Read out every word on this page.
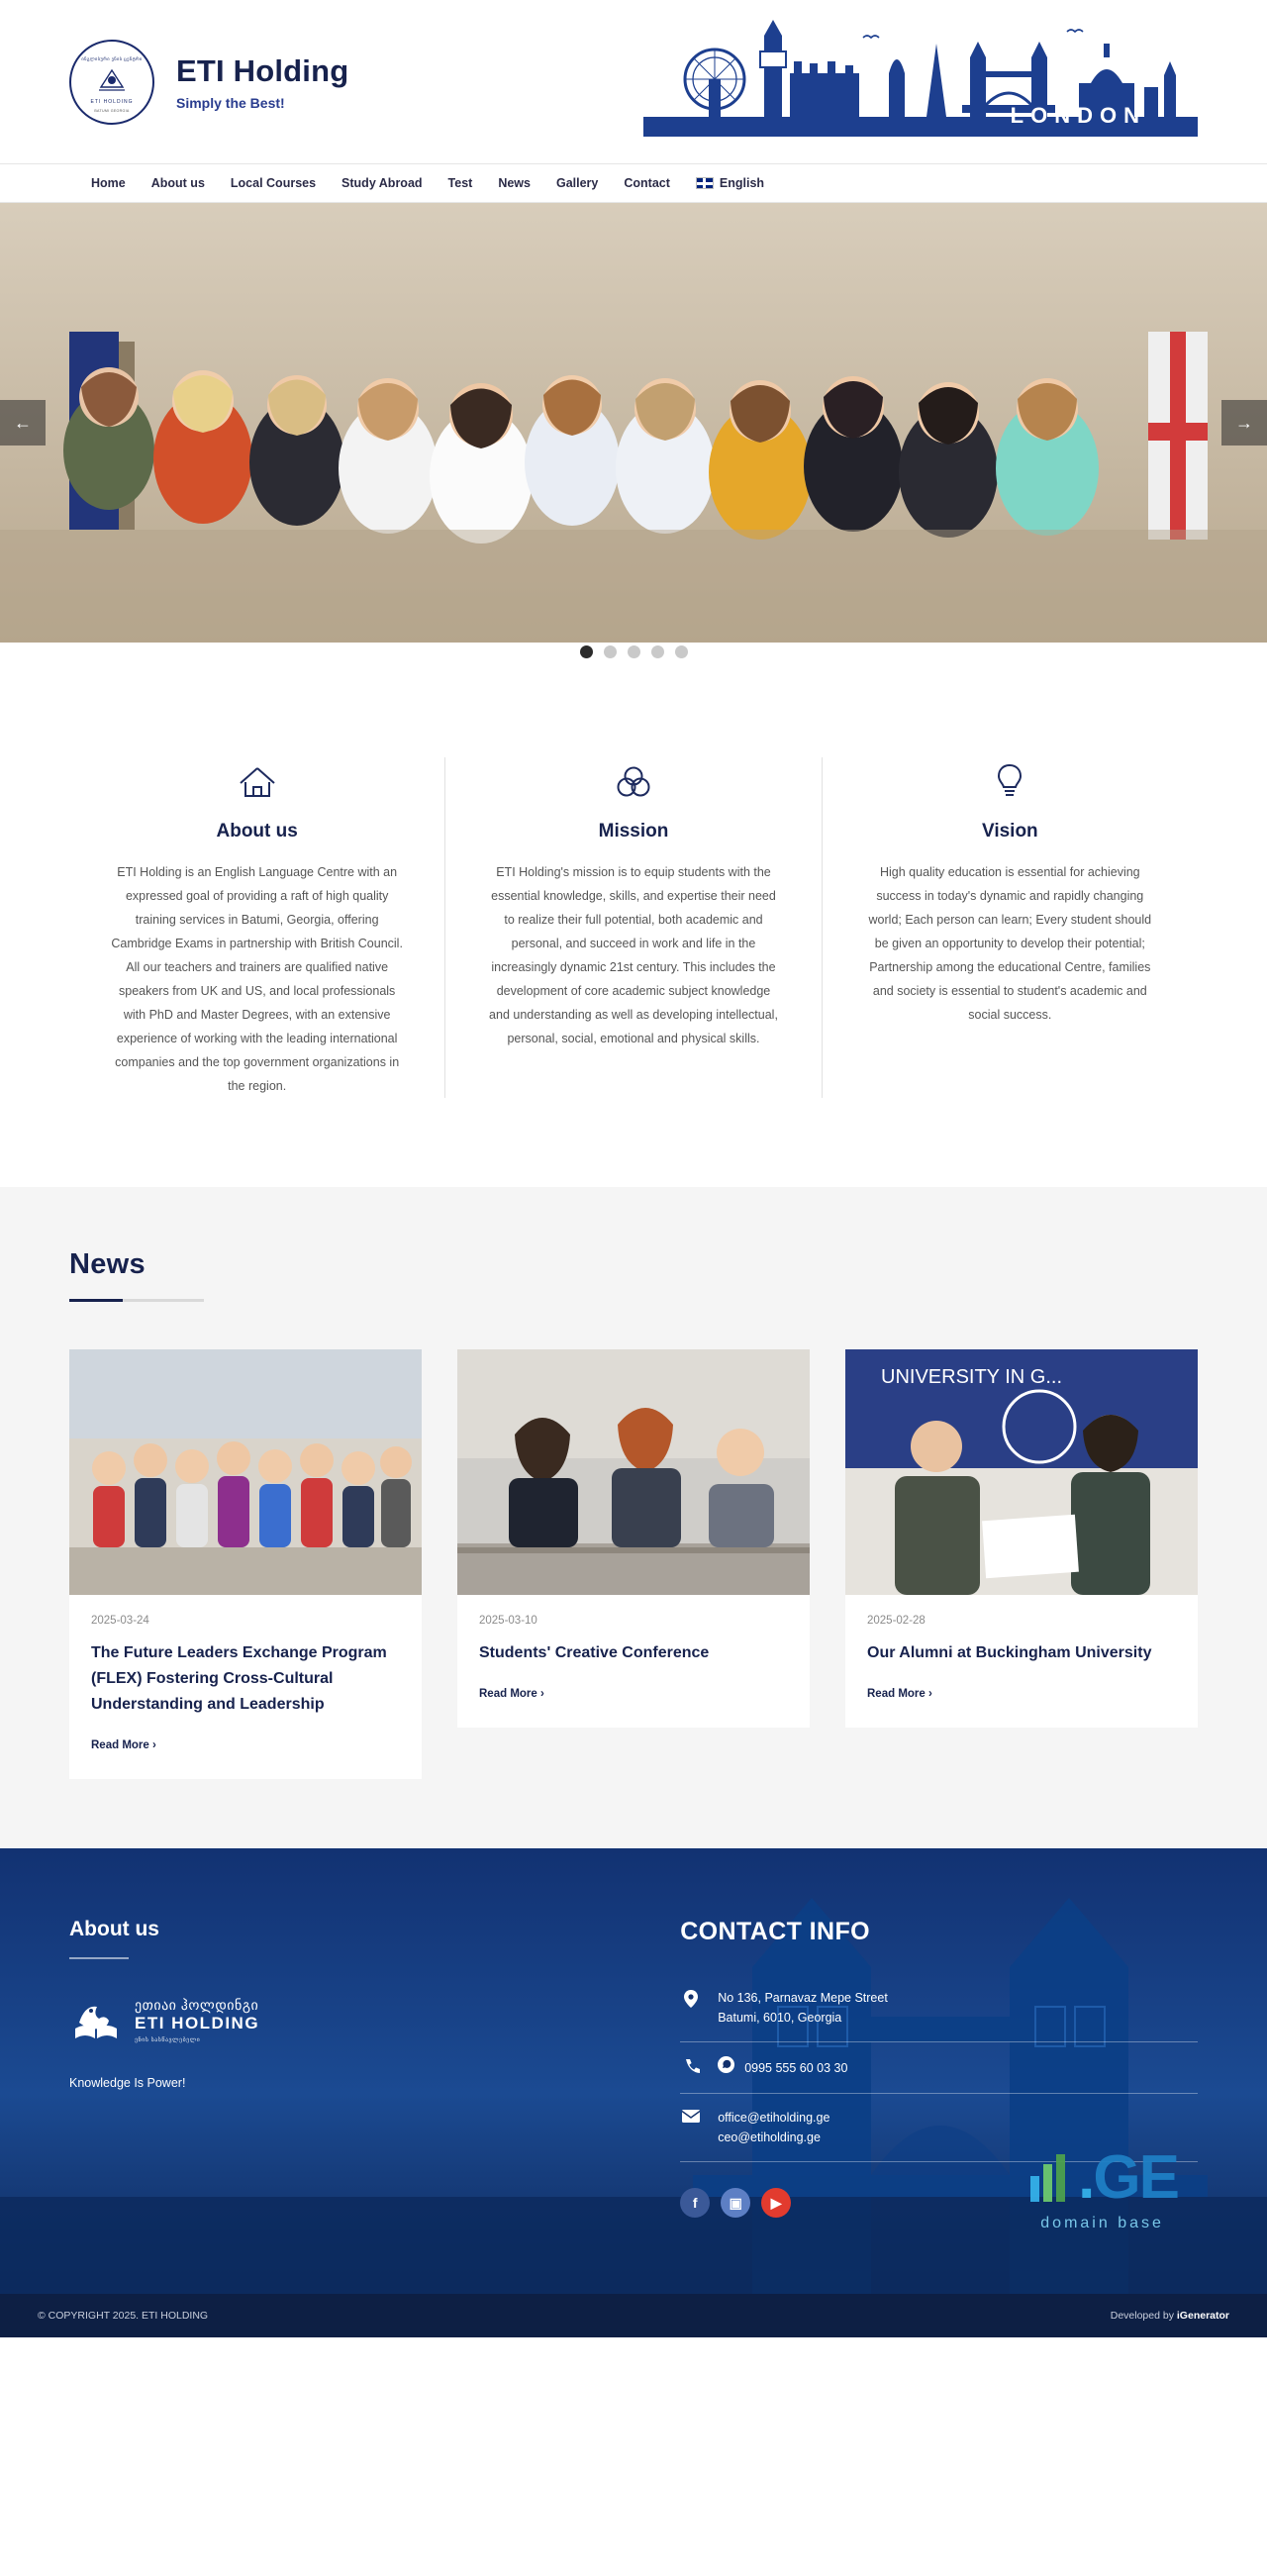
ინგლისური ენის ცენტრი
ETI HOLDING
BATUMI GEORGIA
ETI Holding
Simply the Best!
LONDON
Home	About us	Local Courses	Study Abroad	Test	News	Gallery	Contact	English
←	→
About us

ETI Holding is an English Language Centre with an expressed goal of providing a raft of high quality training services in Batumi, Georgia, offering Cambridge Exams in partnership with British Council. All our teachers and trainers are qualified native speakers from UK and US, and local professionals with PhD and Master Degrees, with an extensive experience of working with the leading international companies and the top government organizations in the region.

Mission

ETI Holding's mission is to equip students with the essential knowledge, skills, and expertise their need to realize their full potential, both academic and personal, and succeed in work and life in the increasingly dynamic 21st century. This includes the development of core academic subject knowledge and understanding as well as developing intellectual, personal, social, emotional and physical skills.

Vision

High quality education is essential for achieving success in today's dynamic and rapidly changing world; Each person can learn; Every student should be given an opportunity to develop their potential; Partnership among the educational Centre, families and society is essential to student's academic and social success.

News
2025-03-24
The Future Leaders Exchange Program (FLEX) Fostering Cross-Cultural Understanding and Leadership
Read More ›
2025-03-10
Students' Creative Conference
Read More ›
UNIVERSITY IN G...
2025-02-28
Our Alumni at Buckingham University
Read More ›
About us
ეთიაი ჰოლდინგი
ETI HOLDING
ენის სასწავლებელი
Knowledge Is Power!
CONTACT INFO
No 136, Parnavaz Mepe Street
Batumi, 6010, Georgia
0995 555 60 03 30
office@etiholding.ge
ceo@etiholding.ge
f	▣	▶	. GE
domain base
© COPYRIGHT 2025. ETI HOLDING	Developed by iGenerator
